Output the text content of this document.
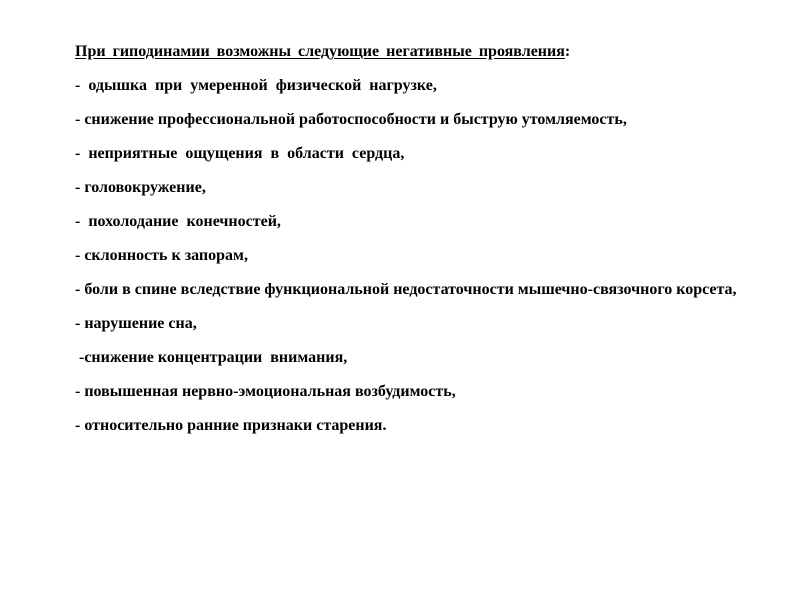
При гиподинамии возможны следующие негативные проявления:
- одышка при умеренной физической нагрузке,
- снижение профессиональной работоспособности и быструю утомляемость,
- неприятные ощущения в области сердца,
- головокружение,
- похолодание конечностей,
- склонность к запорам,
- боли в спине вследствие функциональной недостаточности мышечно-связочного корсета,
- нарушение сна,
-снижение концентрации  внимания,
- повышенная нервно-эмоциональная возбудимость,
- относительно ранние признаки старения.
